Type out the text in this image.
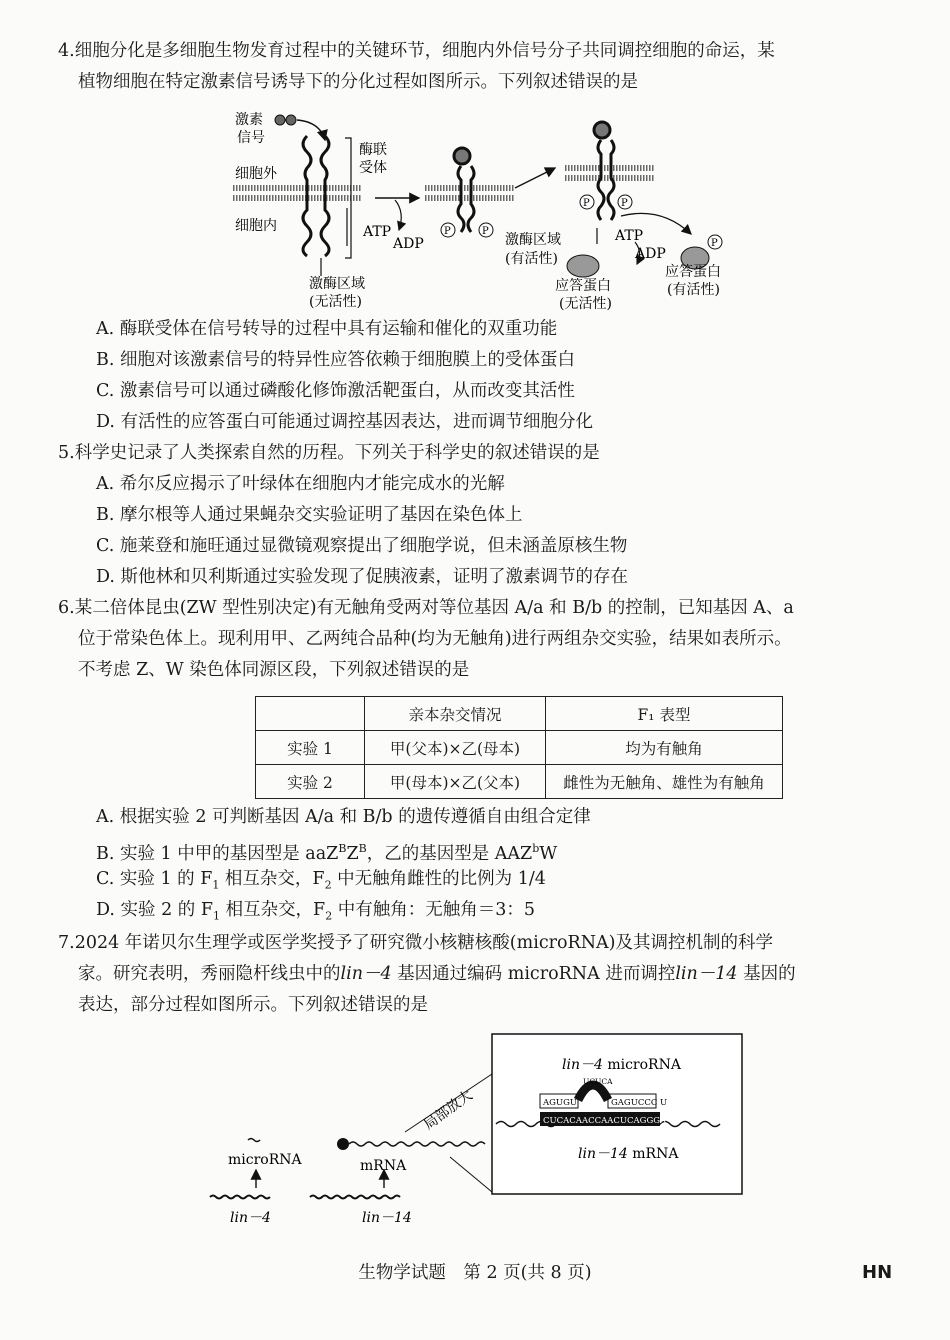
4.细胞分化是多细胞生物发育过程中的关键环节，细胞内外信号分子共同调控细胞的命运，某

植物细胞在特定激素信号诱导下的分化过程如图所示。下列叙述错误的是

激素
信号
细胞外
细胞内
酶联
受体
激酶区域
(无活性)
ATP
ADP
P	P
P	P
激酶区域
(有活性)
ATP
ADP
P
应答蛋白
(无活性)
应答蛋白
(有活性)
A. 酶联受体在信号转导的过程中具有运输和催化的双重功能
B. 细胞对该激素信号的特异性应答依赖于细胞膜上的受体蛋白
C. 激素信号可以通过磷酸化修饰激活靶蛋白，从而改变其活性
D. 有活性的应答蛋白可能通过调控基因表达，进而调节细胞分化

5.科学史记录了人类探索自然的历程。下列关于科学史的叙述错误的是

A. 希尔反应揭示了叶绿体在细胞内才能完成水的光解
B. 摩尔根等人通过果蝇杂交实验证明了基因在染色体上
C. 施莱登和施旺通过显微镜观察提出了细胞学说，但未涵盖原核生物
D. 斯他林和贝利斯通过实验发现了促胰液素，证明了激素调节的存在

6.某二倍体昆虫(ZW 型性别决定)有无触角受两对等位基因 A/a 和 B/b 的控制，已知基因 A、a

位于常染色体上。现利用甲、乙两纯合品种(均为无触角)进行两组杂交实验，结果如表所示。

不考虑 Z、W 染色体同源区段，下列叙述错误的是

	亲本杂交情况	F₁ 表型
实验 1	甲(父本)×乙(母本)	均为有触角
实验 2	甲(母本)×乙(父本)	雌性为无触角、雄性为有触角
A. 根据实验 2 可判断基因 A/a 和 B/b 的遗传遵循自由组合定律
B. 实验 1 中甲的基因型是 $aaZ^BZ^B$，乙的基因型是 AAZ$^b$W
C. 实验 1 的 $F_1$ 相互杂交，$F_2$ 中无触角雌性的比例为 1/4
D. 实验 2 的 $F_1$ 相互杂交，$F_2$ 中有触角：无触角＝3：5

7.2024 年诺贝尔生理学或医学奖授予了研究微小核糖核酸(microRNA)及其调控机制的科学

家。研究表明，秀丽隐杆线虫中的lin－4 基因通过编码 microRNA 进而调控lin－14 基因的

表达，部分过程如图所示。下列叙述错误的是

lin－4	lin－14
microRNA	mRNA
局部放大
lin－4 microRNA
CUCACAACCAACUCAGGGA
AGUGU	GAGUCCC U
UCUCA
lin－14 mRNA
生物学试题　第 2 页(共 8 页)	HN
